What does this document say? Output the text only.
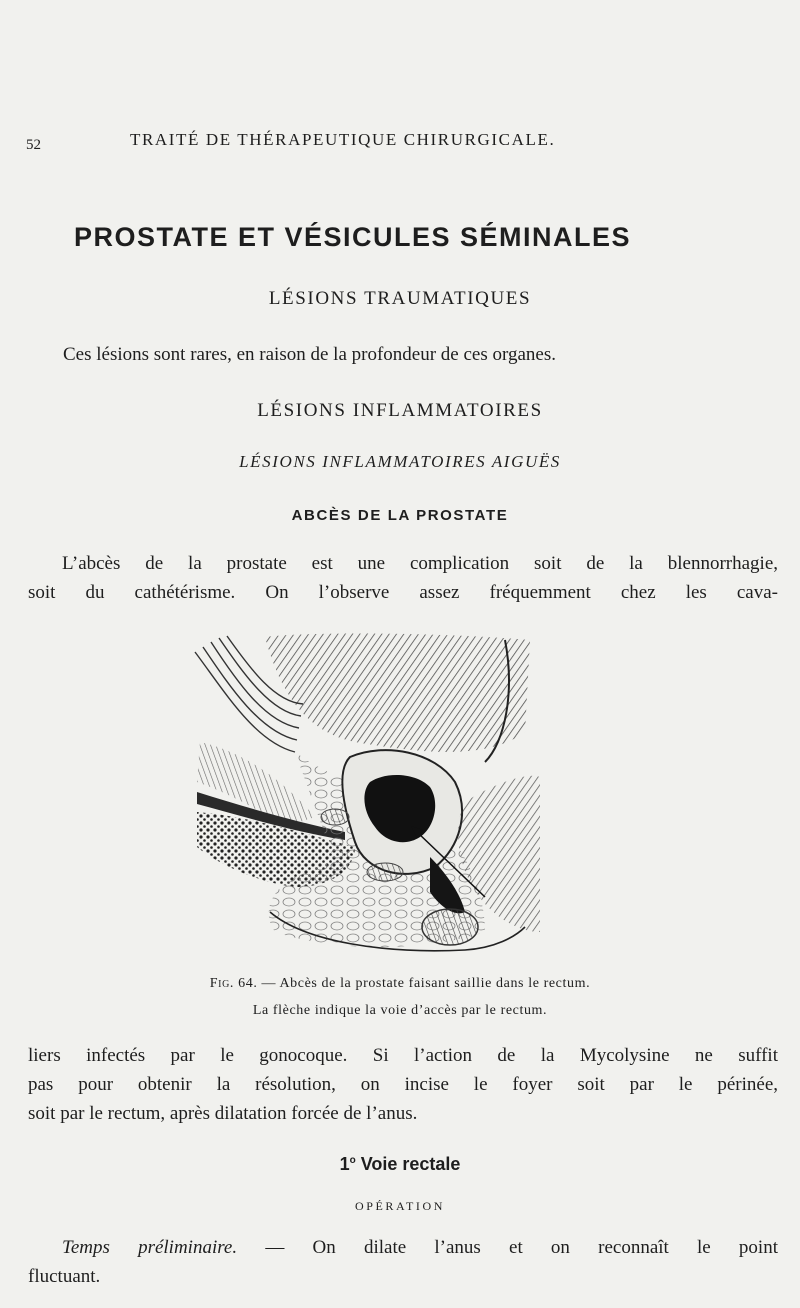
52	TRAITÉ DE THÉRAPEUTIQUE CHIRURGICALE.
PROSTATE ET VÉSICULES SÉMINALES
LÉSIONS TRAUMATIQUES
Ces lésions sont rares, en raison de la profondeur de ces organes.
LÉSIONS INFLAMMATOIRES
LÉSIONS INFLAMMATOIRES AIGUËS
ABCÈS DE LA PROSTATE
L’abcès de la prostate est une complication soit de la blennorrhagie,
soit du cathétérisme. On l’observe assez fréquemment chez les cava-
Fig. 64. — Abcès de la prostate faisant saillie dans le rectum.
La flèche indique la voie d’accès par le rectum.
liers infectés par le gonocoque. Si l’action de la Mycolysine ne suffit
pas pour obtenir la résolution, on incise le foyer soit par le périnée,
soit par le rectum, après dilatation forcée de l’anus.
1$^o$ Voie rectale
OPÉRATION
Temps préliminaire. — On dilate l’anus et on reconnaît le point
fluctuant.
